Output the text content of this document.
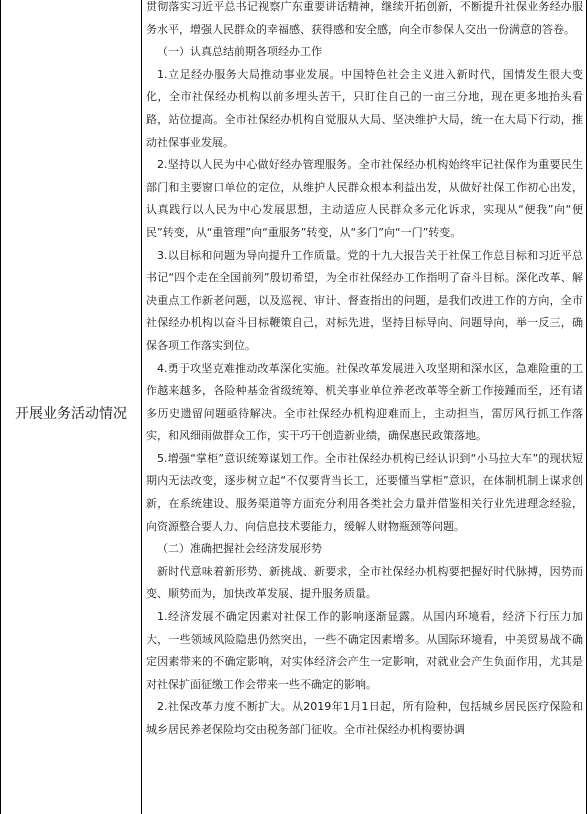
开展业务活动情况

贯彻落实习近平总书记视察广东重要讲话精神，继续开拓创新，不断提升社保业务经办服务水平，增强人民群众的幸福感、获得感和安全感，向全市参保人交出一份满意的答卷。

（一）认真总结前期各项经办工作

1.立足经办服务大局推动事业发展。中国特色社会主义进入新时代，国情发生很大变化，全市社保经办机构以前多埋头苦干，只盯住自己的一亩三分地，现在更多地抬头看路，站位提高。全市社保经办机构自觉服从大局、坚决维护大局，统一在大局下行动，推动社保事业发展。

2.坚持以人民为中心做好经办管理服务。全市社保经办机构始终牢记社保作为重要民生部门和主要窗口单位的定位，从维护人民群众根本利益出发，从做好社保工作初心出发，认真践行以人民为中心发展思想，主动适应人民群众多元化诉求，实现从“便我”向“便民”转变，从“重管理”向“重服务”转变，从“多门”向“一门”转变。

3.以目标和问题为导向提升工作质量。党的十九大报告关于社保工作总目标和习近平总书记“四个走在全国前列”殷切希望，为全市社保经办工作指明了奋斗目标。深化改革、解决重点工作新老问题，以及巡视、审计、督查指出的问题，是我们改进工作的方向，全市社保经办机构以奋斗目标鞭策自己，对标先进，坚持目标导向、问题导向，举一反三，确保各项工作落实到位。

4.勇于攻坚克难推动改革深化实施。社保改革发展进入攻坚期和深水区，急难险重的工作越来越多，各险种基金省级统筹、机关事业单位养老改革等全新工作接踵而至，还有诸多历史遗留问题亟待解决。全市社保经办机构迎难而上，主动担当，雷厉风行抓工作落实，和风细雨做群众工作，实干巧干创造新业绩，确保惠民政策落地。

5.增强“掌柜”意识统筹谋划工作。全市社保经办机构已经认识到“小马拉大车”的现状短期内无法改变，逐步树立起“不仅要背当长工，还要懂当掌柜”意识，在体制机制上谋求创新，在系统建设、服务渠道等方面充分利用各类社会力量并借鉴相关行业先进理念经验，向资源整合要人力、向信息技术要能力，缓解人财物瓶颈等问题。

（二）准确把握社会经济发展形势

新时代意味着新形势、新挑战、新要求，全市社保经办机构要把握好时代脉搏，因势而变、顺势而为，加快改革发展、提升服务质量。

1.经济发展不确定因素对社保工作的影响逐渐显露。从国内环境看，经济下行压力加大，一些领域风险隐患仍然突出，一些不确定因素增多。从国际环境看，中美贸易战不确定因素带来的不确定影响，对实体经济会产生一定影响，对就业会产生负面作用，尤其是对社保扩面征缴工作会带来一些不确定的影响。

2.社保改革力度不断扩大。从2019年1月1日起，所有险种，包括城乡居民医疗保险和城乡居民养老保险均交由税务部门征收。全市社保经办机构要协调
